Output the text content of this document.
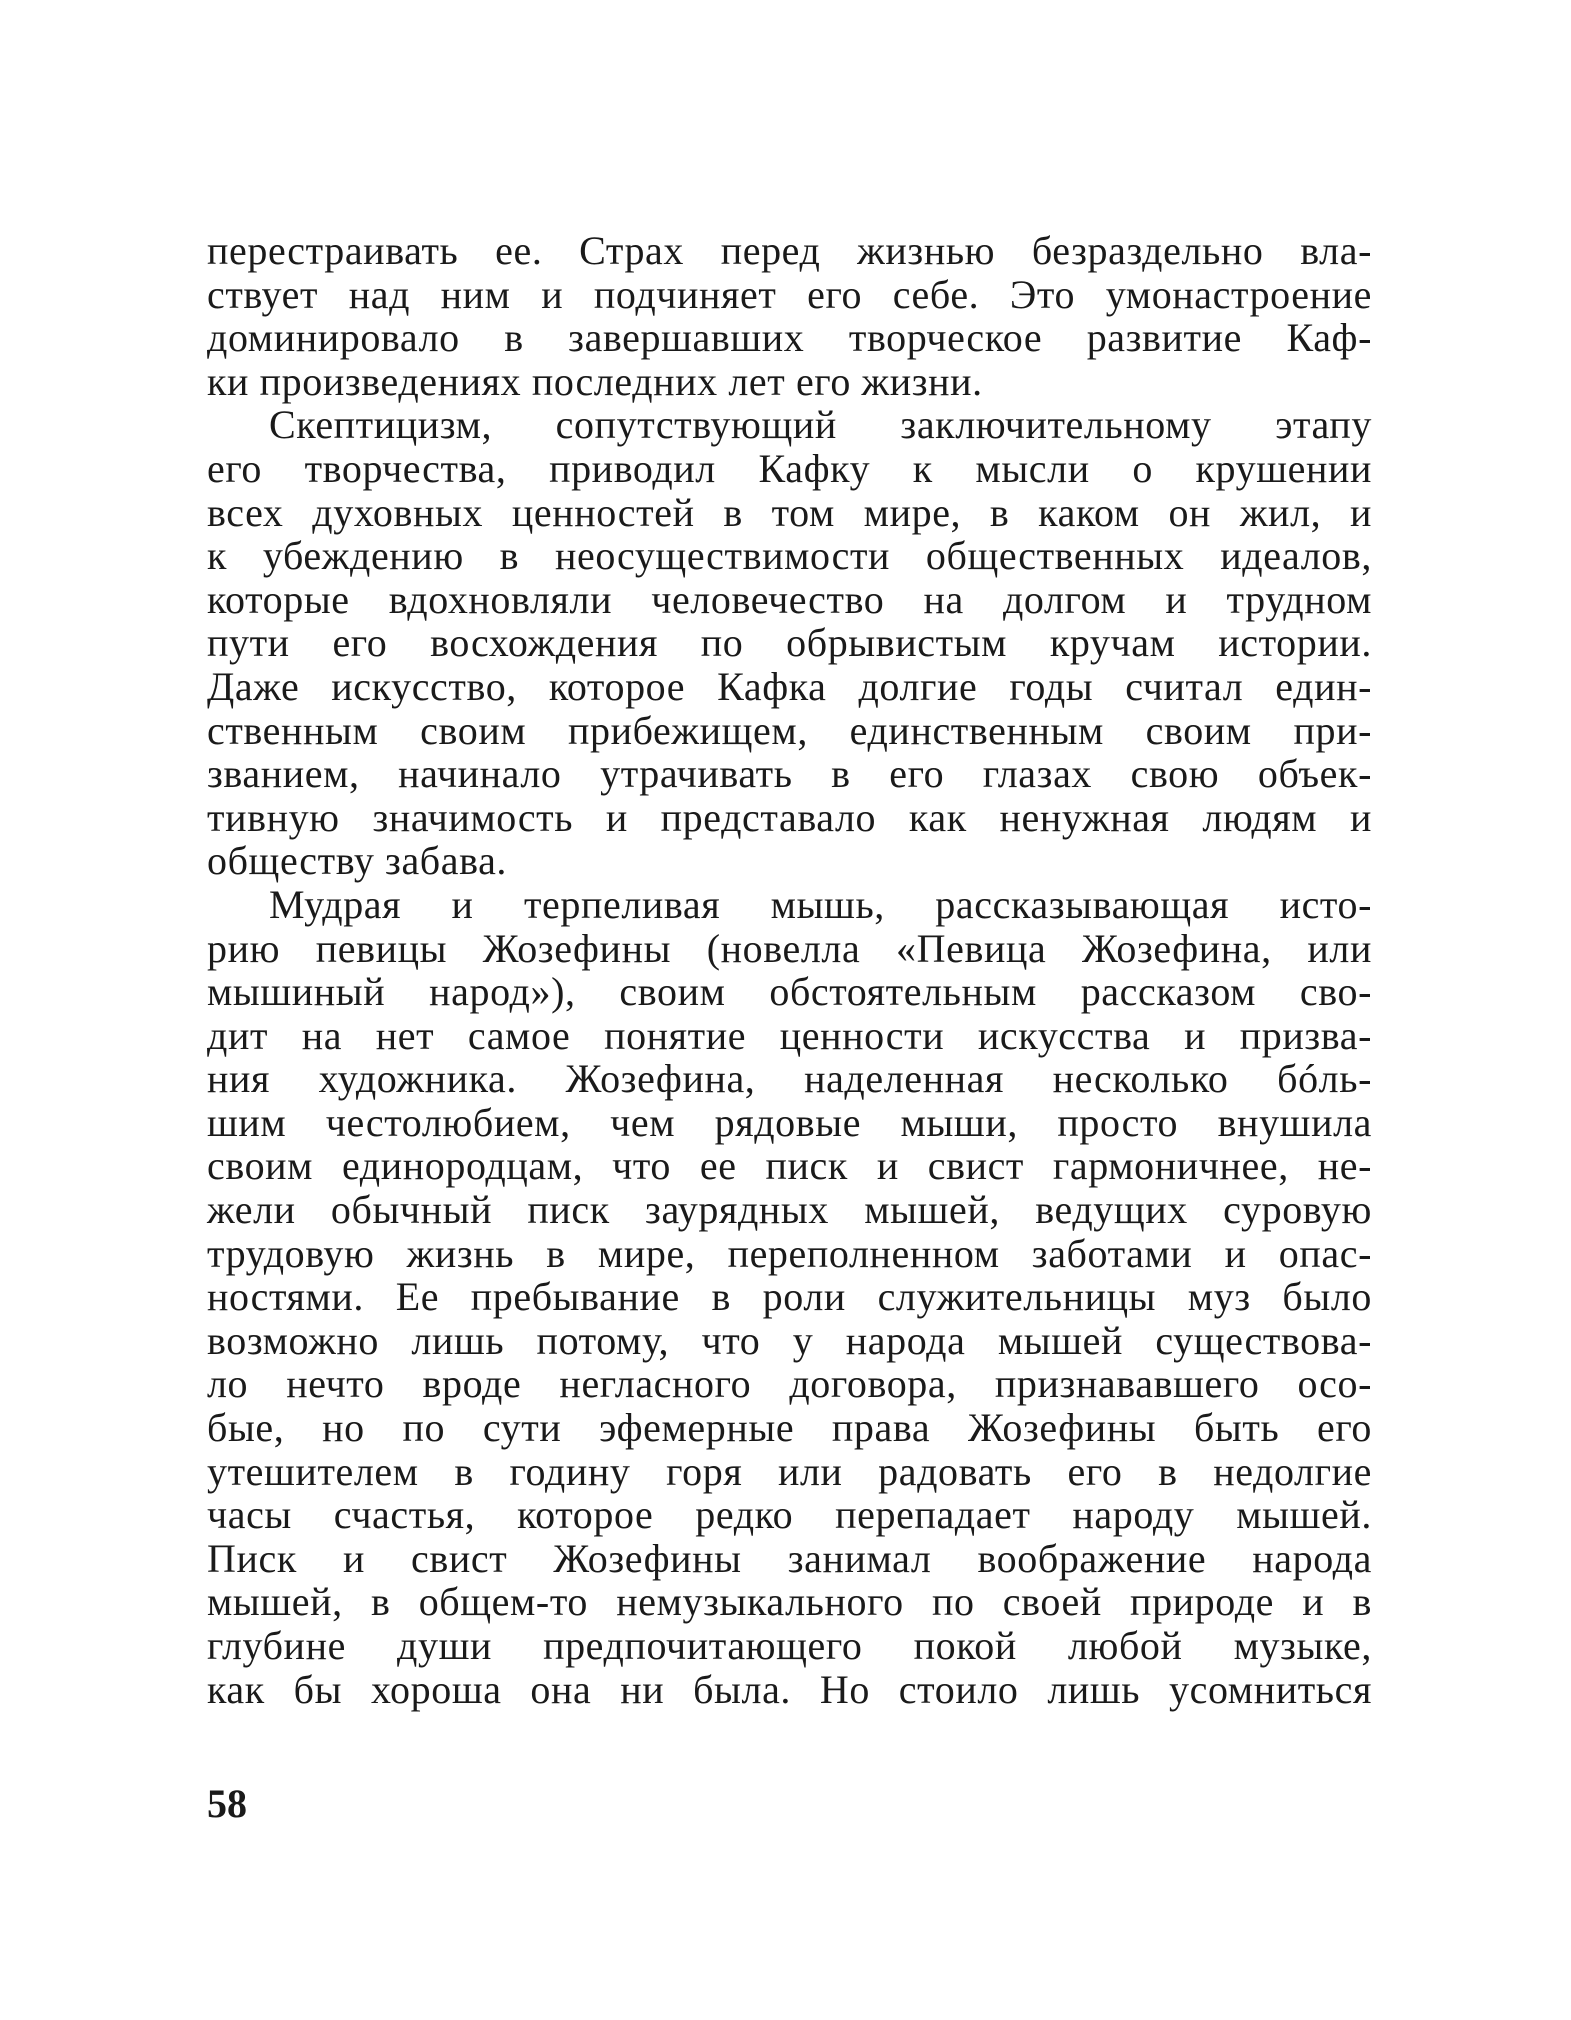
перестраивать ее. Страх перед жизнью безраздельно вла-
ствует над ним и подчиняет его себе. Это умонастроение
доминировало в завершавших творческое развитие Каф-
ки произведениях последних лет его жизни.
Скептицизм, сопутствующий заключительному этапу
его творчества, приводил Кафку к мысли о крушении
всех духовных ценностей в том мире, в каком он жил, и
к убеждению в неосуществимости общественных идеалов,
которые вдохновляли человечество на долгом и трудном
пути его восхождения по обрывистым кручам истории.
Даже искусство, которое Кафка долгие годы считал един-
ственным своим прибежищем, единственным своим при-
званием, начинало утрачивать в его глазах свою объек-
тивную значимость и представало как ненужная людям и
обществу забава.
Мудрая и терпеливая мышь, рассказывающая исто-
рию певицы Жозефины (новелла «Певица Жозефина, или
мышиный народ»), своим обстоятельным рассказом сво-
дит на нет самое понятие ценности искусства и призва-
ния художника. Жозефина, наделенная несколько бóль-
шим честолюбием, чем рядовые мыши, просто внушила
своим единородцам, что ее писк и свист гармоничнее, не-
жели обычный писк заурядных мышей, ведущих суровую
трудовую жизнь в мире, переполненном заботами и опас-
ностями. Ее пребывание в роли служительницы муз было
возможно лишь потому, что у народа мышей существова-
ло нечто вроде негласного договора, признававшего осо-
бые, но по сути эфемерные права Жозефины быть его
утешителем в годину горя или радовать его в недолгие
часы счастья, которое редко перепадает народу мышей.
Писк и свист Жозефины занимал воображение народа
мышей, в общем-то немузыкального по своей природе и в
глубине души предпочитающего покой любой музыке,
как бы хороша она ни была. Но стоило лишь усомниться
58
